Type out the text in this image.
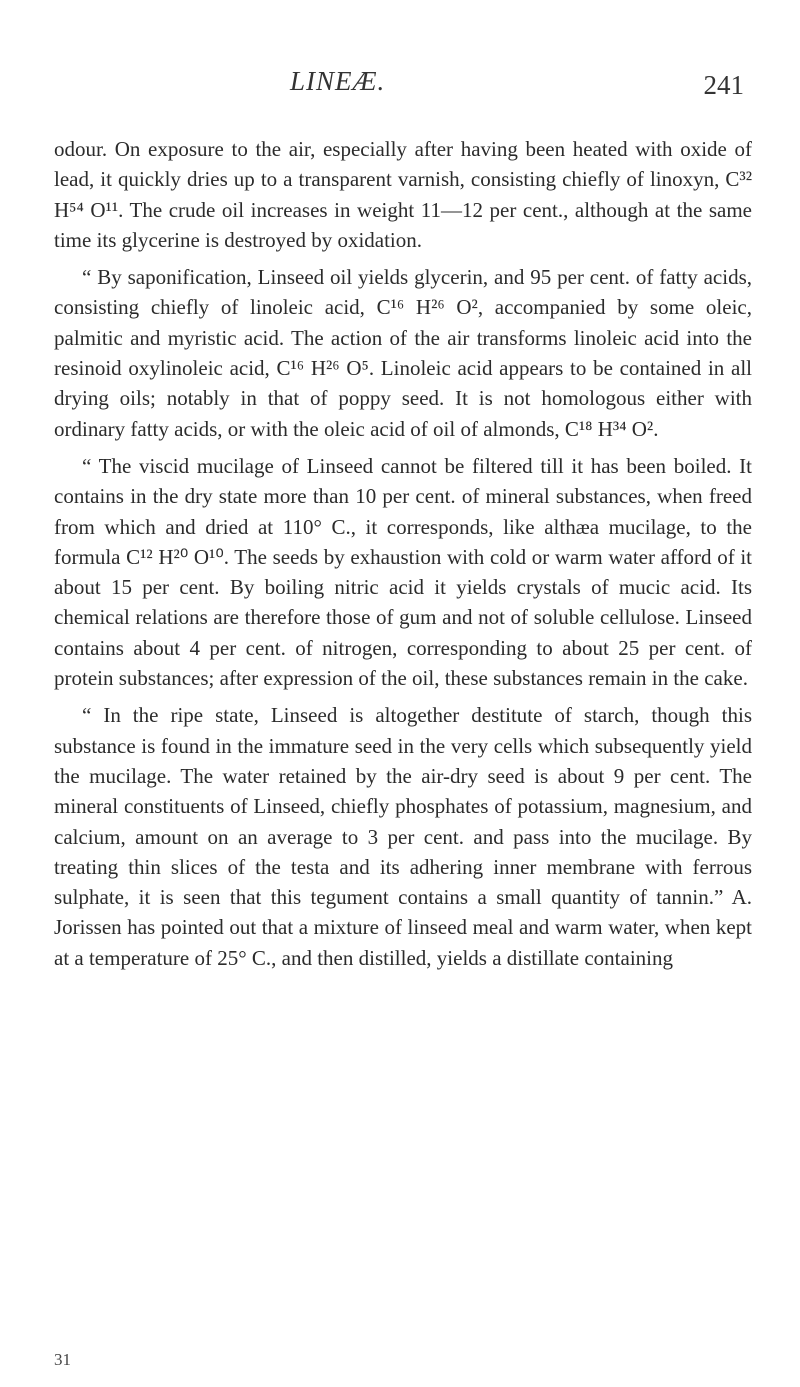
LINEÆ.	241

odour. On exposure to the air, especially after having been heated with oxide of lead, it quickly dries up to a transparent varnish, consisting chiefly of linoxyn, C³² H⁵⁴ O¹¹. The crude oil increases in weight 11—12 per cent., although at the same time its glycerine is destroyed by oxidation.

“ By saponification, Linseed oil yields glycerin, and 95 per cent. of fatty acids, consisting chiefly of linoleic acid, C¹⁶ H²⁶ O², accompanied by some oleic, palmitic and myristic acid. The action of the air transforms linoleic acid into the resinoid oxylinoleic acid, C¹⁶ H²⁶ O⁵. Linoleic acid appears to be contained in all drying oils; notably in that of poppy seed. It is not homologous either with ordinary fatty acids, or with the oleic acid of oil of almonds, C¹⁸ H³⁴ O².

“ The viscid mucilage of Linseed cannot be filtered till it has been boiled. It contains in the dry state more than 10 per cent. of mineral substances, when freed from which and dried at 110° C., it corresponds, like althæa mucilage, to the formula C¹² H²⁰ O¹⁰. The seeds by exhaustion with cold or warm water afford of it about 15 per cent. By boiling nitric acid it yields crystals of mucic acid. Its chemical relations are therefore those of gum and not of soluble cellulose. Linseed contains about 4 per cent. of nitrogen, corresponding to about 25 per cent. of protein substances; after expression of the oil, these substances remain in the cake.

“ In the ripe state, Linseed is altogether destitute of starch, though this substance is found in the immature seed in the very cells which subsequently yield the mucilage. The water retained by the air-dry seed is about 9 per cent. The mineral constituents of Linseed, chiefly phosphates of potassium, magnesium, and calcium, amount on an average to 3 per cent. and pass into the mucilage. By treating thin slices of the testa and its adhering inner membrane with ferrous sulphate, it is seen that this tegument contains a small quantity of tannin.” A. Jorissen has pointed out that a mixture of linseed meal and warm water, when kept at a temperature of 25° C., and then distilled, yields a distillate containing

31
